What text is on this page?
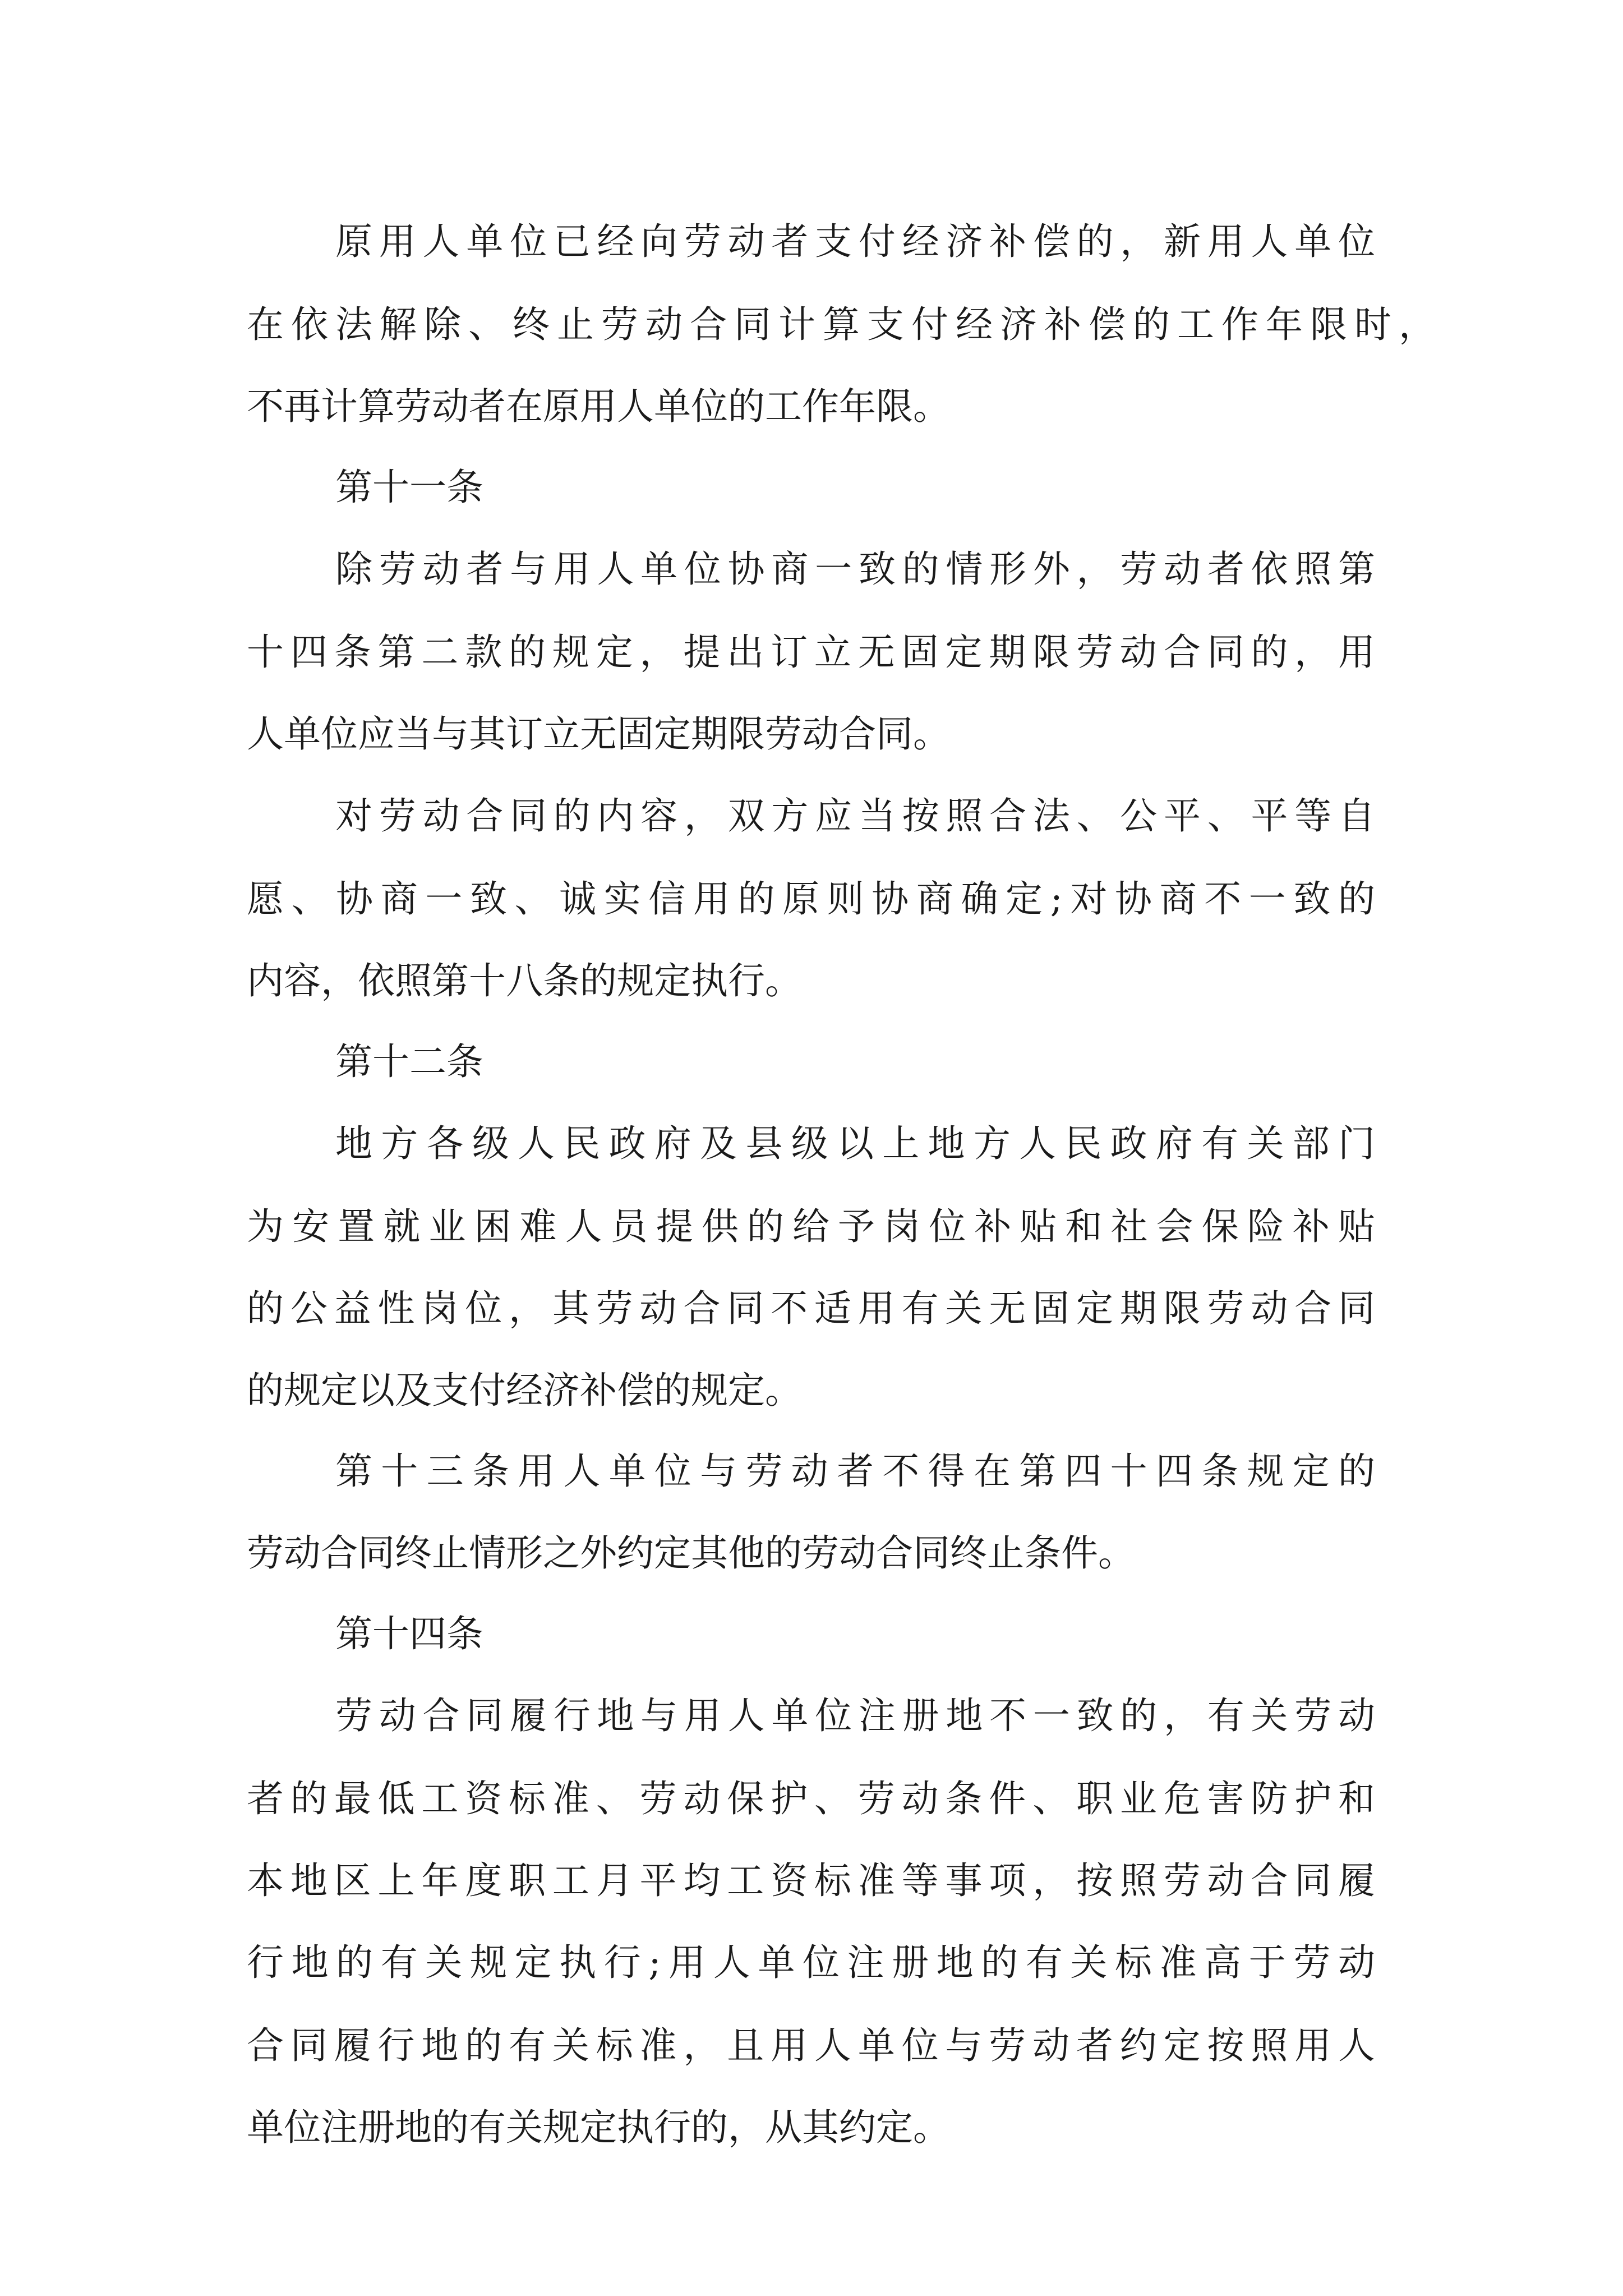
原用人单位已经向劳动者支付经济补偿的，新用人单位
在依法解除、终止劳动合同计算支付经济补偿的工作年限时，
不再计算劳动者在原用人单位的工作年限。
第十一条
除劳动者与用人单位协商一致的情形外，劳动者依照第
十四条第二款的规定，提出订立无固定期限劳动合同的，用
人单位应当与其订立无固定期限劳动合同。
对劳动合同的内容，双方应当按照合法、公平、平等自
愿、协商一致、诚实信用的原则协商确定;对协商不一致的
内容，依照第十八条的规定执行。
第十二条
地方各级人民政府及县级以上地方人民政府有关部门
为安置就业困难人员提供的给予岗位补贴和社会保险补贴
的公益性岗位，其劳动合同不适用有关无固定期限劳动合同
的规定以及支付经济补偿的规定。
第十三条用人单位与劳动者不得在第四十四条规定的
劳动合同终止情形之外约定其他的劳动合同终止条件。
第十四条
劳动合同履行地与用人单位注册地不一致的，有关劳动
者的最低工资标准、劳动保护、劳动条件、职业危害防护和
本地区上年度职工月平均工资标准等事项，按照劳动合同履
行地的有关规定执行;用人单位注册地的有关标准高于劳动
合同履行地的有关标准，且用人单位与劳动者约定按照用人
单位注册地的有关规定执行的，从其约定。
